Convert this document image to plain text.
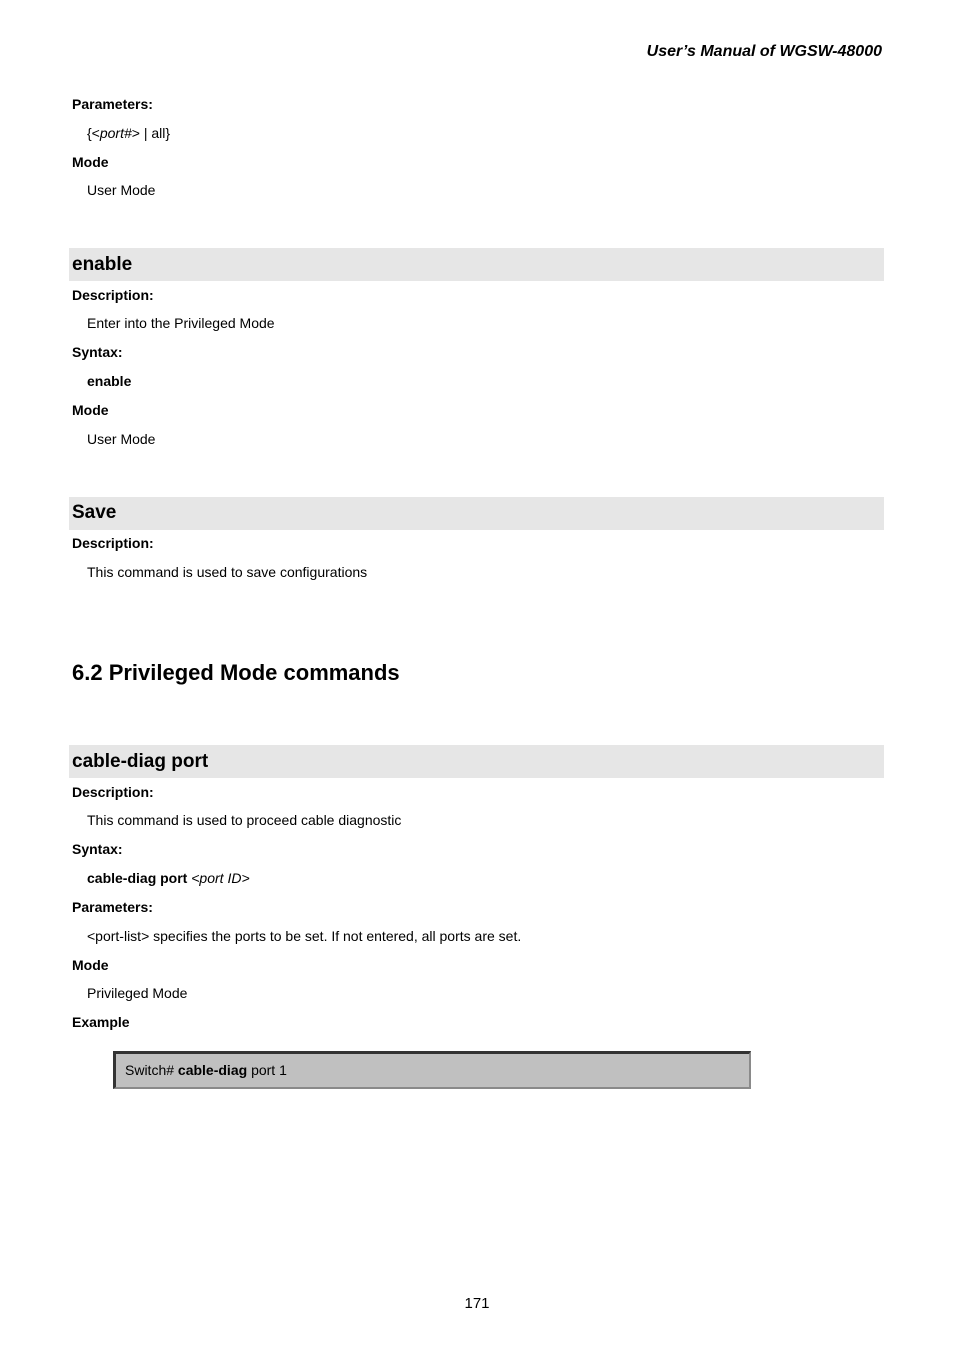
User’s Manual of WGSW-48000
Parameters:
{<port#> | all}
Mode
User Mode
enable
Description:
Enter into the Privileged Mode
Syntax:
enable
Mode
User Mode
Save
Description:
This command is used to save configurations
6.2 Privileged Mode commands
cable-diag port
Description:
This command is used to proceed cable diagnostic
Syntax:
cable-diag port <port ID>
Parameters:
<port-list> specifies the ports to be set. If not entered, all ports are set.
Mode
Privileged Mode
Example
Switch# cable-diag port 1
171
